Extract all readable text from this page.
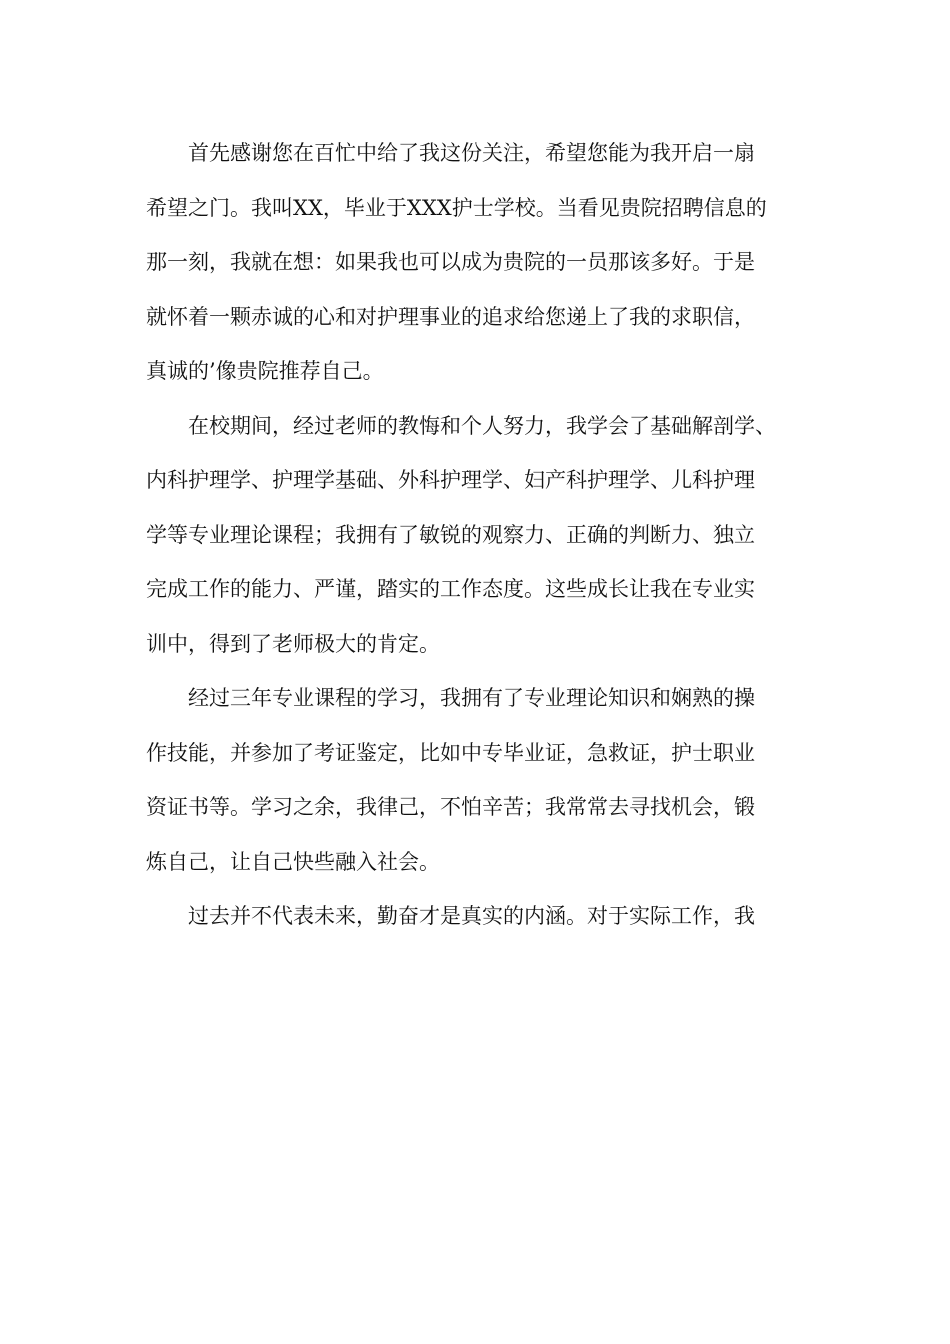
首先感谢您在百忙中给了我这份关注，希望您能为我开启一扇
希望之门。我叫XX，毕业于XXX护士学校。当看见贵院招聘信息的
那一刻，我就在想：如果我也可以成为贵院的一员那该多好。于是
就怀着一颗赤诚的心和对护理事业的追求给您递上了我的求职信，
真诚的’像贵院推荐自己。
在校期间，经过老师的教悔和个人努力，我学会了基础解剖学、
内科护理学、护理学基础、外科护理学、妇产科护理学、儿科护理
学等专业理论课程；我拥有了敏锐的观察力、正确的判断力、独立
完成工作的能力、严谨，踏实的工作态度。这些成长让我在专业实
训中，得到了老师极大的肯定。
经过三年专业课程的学习，我拥有了专业理论知识和娴熟的操
作技能，并参加了考证鉴定，比如中专毕业证，急救证，护士职业
资证书等。学习之余，我律己，不怕辛苦；我常常去寻找机会，锻
炼自己，让自己快些融入社会。
过去并不代表未来，勤奋才是真实的内涵。对于实际工作，我
